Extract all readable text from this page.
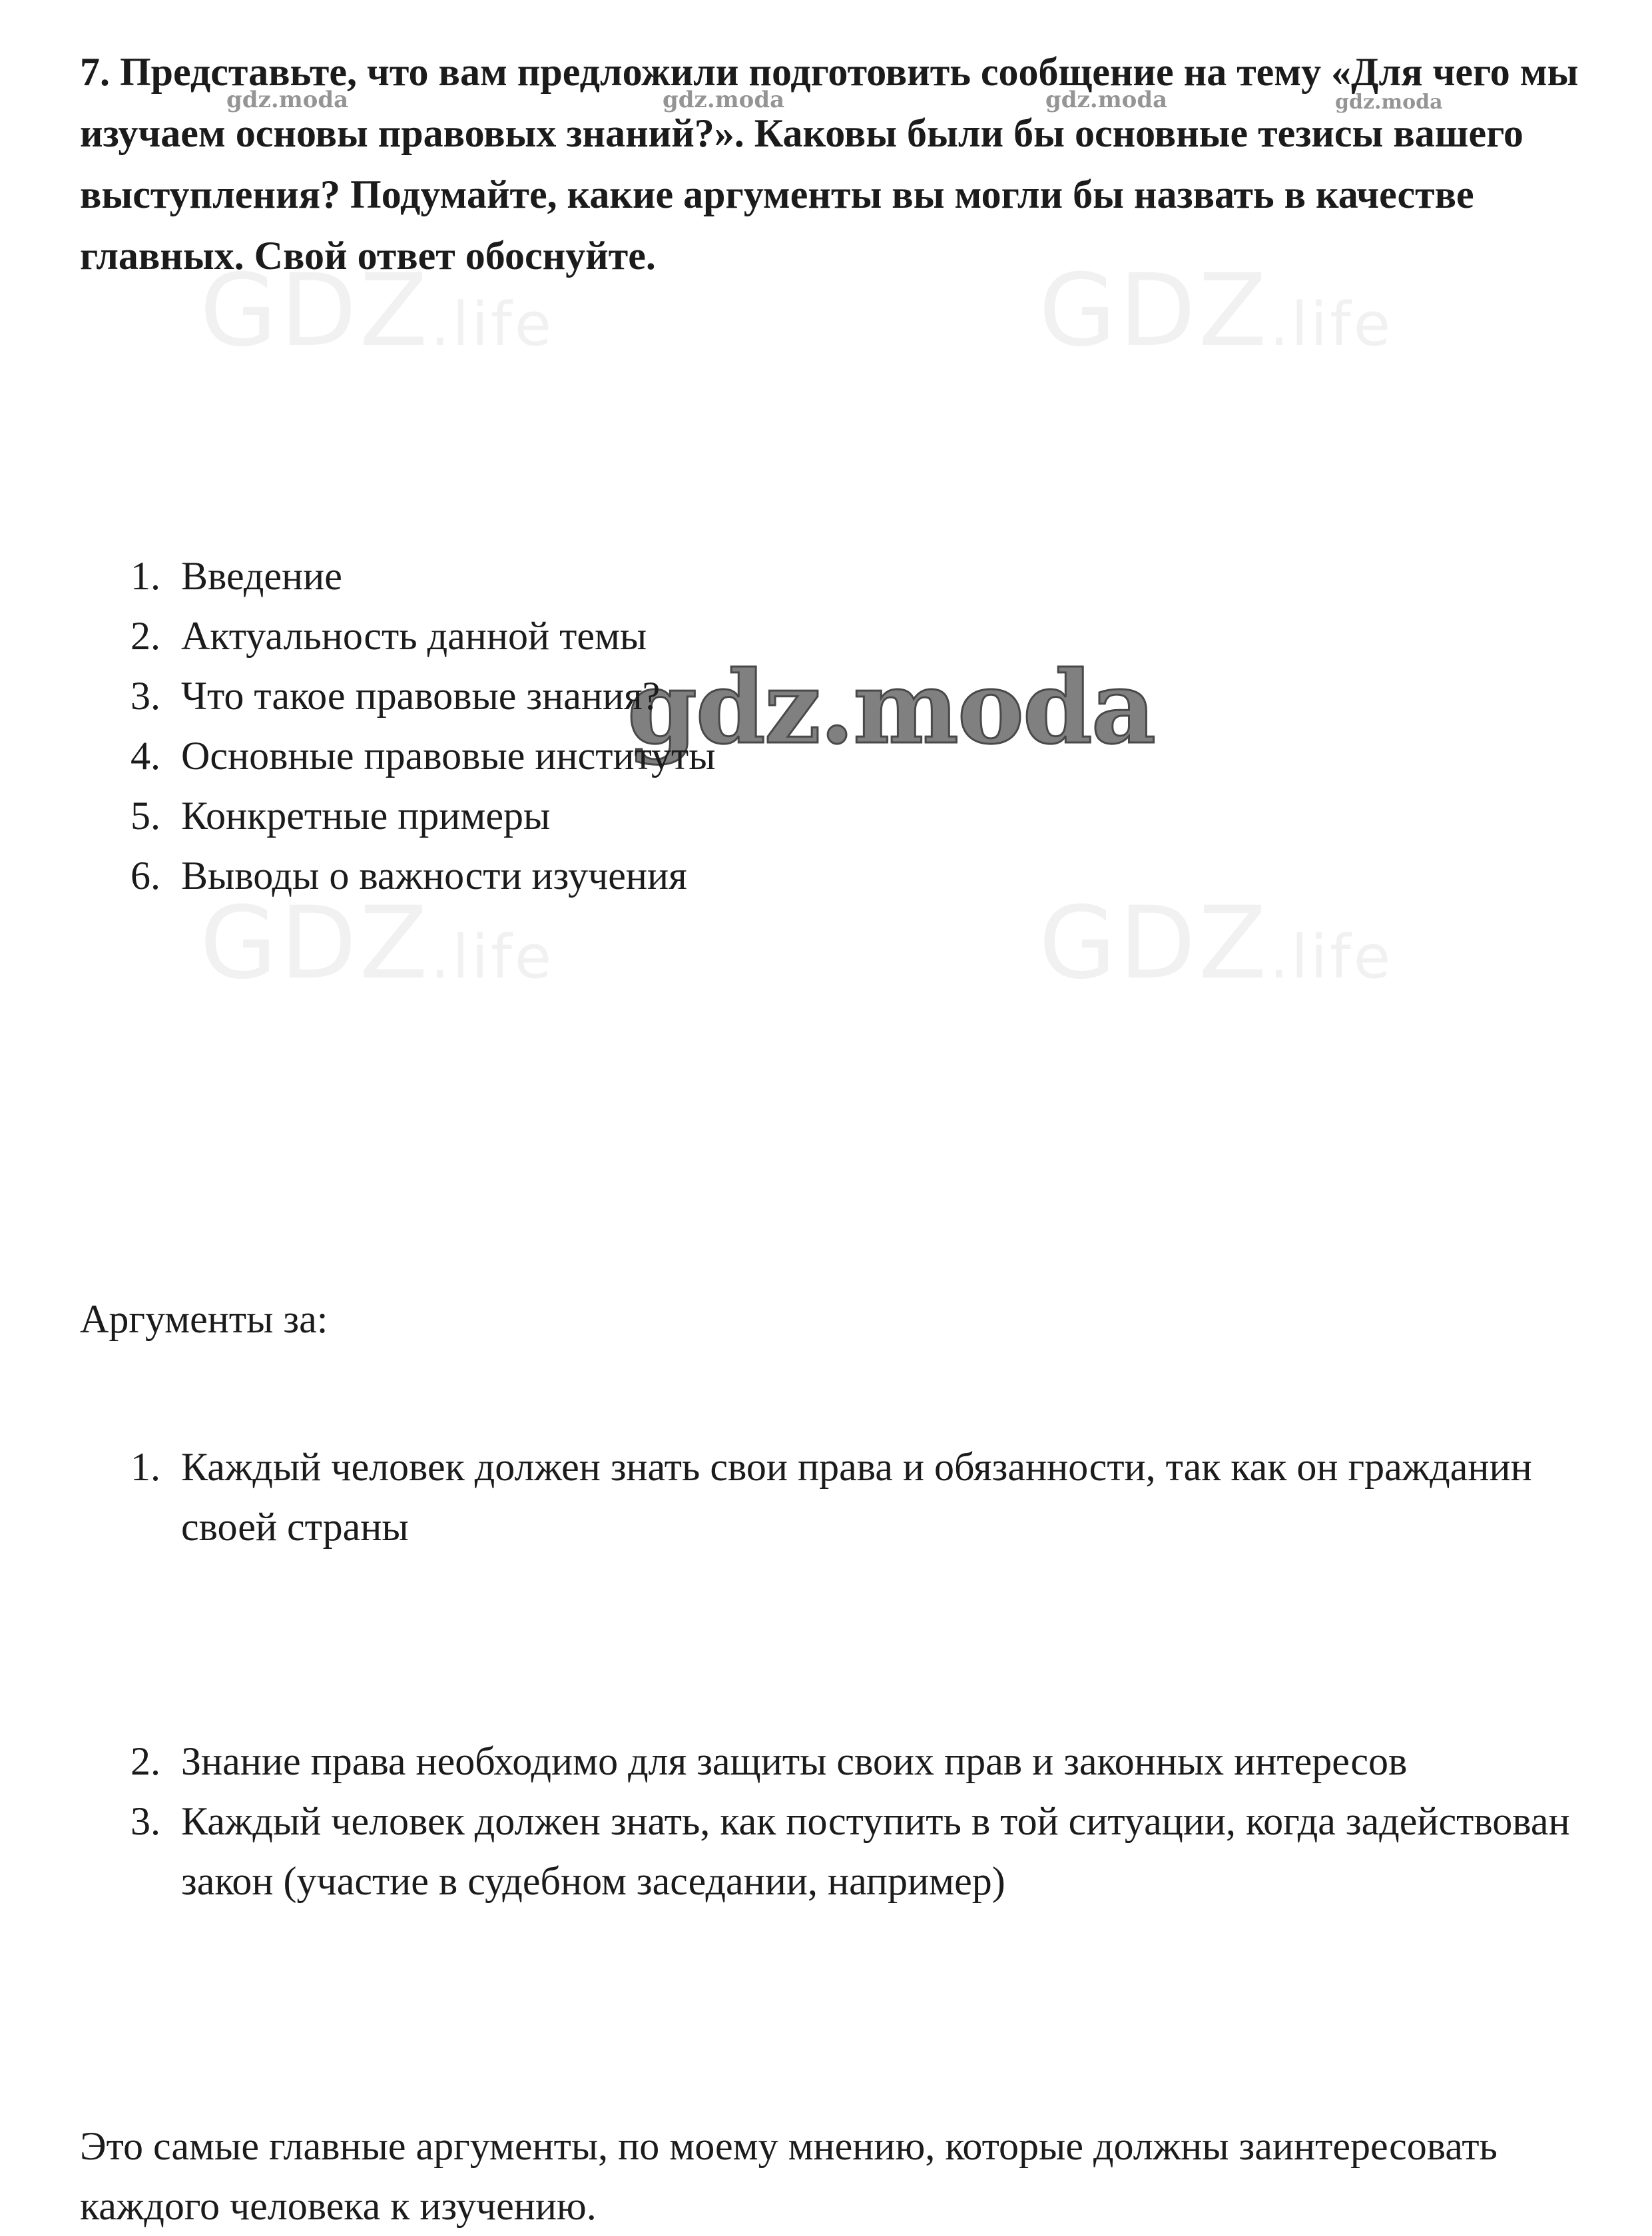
GDZ.life	GDZ.life
GDZ.life	GDZ.life

7. Представьте, что вам предложили подготовить сообщение на тему «Для чего мы изучаем основы правовых знаний?». Каковы были бы основные тезисы вашего выступления? Подумайте, какие аргументы вы могли бы назвать в качестве главных. Свой ответ обоснуйте.

gdz.moda	gdz.moda	gdz.moda	gdz.moda
1. Введение
2. Актуальность данной темы
3. Что такое правовые знания?
4. Основные правовые институты
5. Конкретные примеры
6. Выводы о важности изучения

Аргументы за:

gdz.moda
1. Каждый человек должен знать свои права и обязанности, так как он гражданин своей страны
2. Знание права необходимо для защиты своих прав и законных интересов
3. Каждый человек должен знать, как поступить в той ситуации, когда задействован закон (участие в судебном заседании, например)

Это самые главные аргументы, по моему мнению, которые должны заинтересовать каждого человека к изучению.
